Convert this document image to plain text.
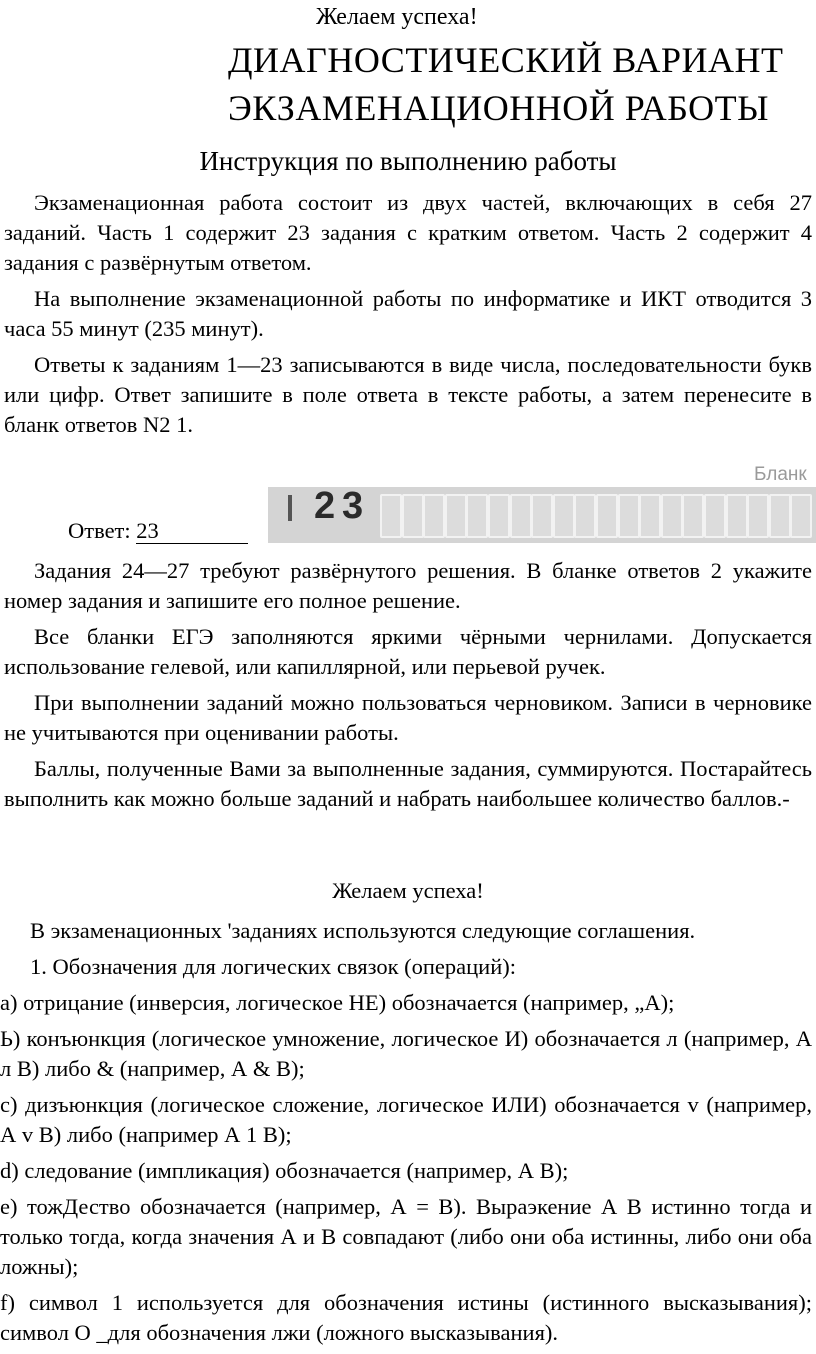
Желаем успеха!
ДИАГНОСТИЧЕСКИЙ ВАРИАНТ
ЭКЗАМЕНАЦИОННОЙ РАБОТЫ
Инструкция по выполнению работы

Экзаменационная работа состоит из двух частей, включающих в себя 27 заданий. Часть 1 содержит 23 задания с кратким ответом. Часть 2 содержит 4 задания с развёрнутым ответом.

На выполнение экзаменационной работы по информатике и ИКТ отводится 3 часа 55 минут (235 минут).

Ответы к заданиям 1—23 записываются в виде числа, последовательности букв или цифр. Ответ запишите в поле ответа в тексте работы, а затем перенесите в бланк ответов N2 1.

Бланк
Ответ: 23
2 3

Задания 24—27 требуют развёрнутого решения. В бланке ответов 2 укажите номер задания и запишите его полное решение.

Все бланки ЕГЭ заполняются яркими чёрными чернилами. Допускается использование гелевой, или капиллярной, или перьевой ручек.

При выполнении заданий можно пользоваться черновиком. Записи в черновике не учитываются при оценивании работы.

Баллы, полученные Вами за выполненные задания, суммируются. Постарайтесь выполнить как можно больше заданий и набрать наибольшее количество баллов.-

Желаем успеха!

В экзаменационных 'заданиях используются следующие соглашения.

1. Обозначения для логических связок (операций):

а) отрицание (инверсия, логическое НЕ) обозначается (например, „А);

Ь) конъюнкция (логическое умножение, логическое И) обозначается л (например, А л В) либо & (например, А & В);

с) дизъюнкция (логическое сложение, логическое ИЛИ) обозначается v (например, А v В) либо (например А 1 В);

d) следование (импликация) обозначается (например, А В);

е) тожДество обозначается (например, А = В). Выраэкение А В истинно тогда и только тогда, когда значения А и В совпадают (либо они оба истинны, либо они оба ложны);

f) символ 1 используется для обозначения истины (истинного высказывания); символ О _для обозначения лжи (ложного высказывания).
